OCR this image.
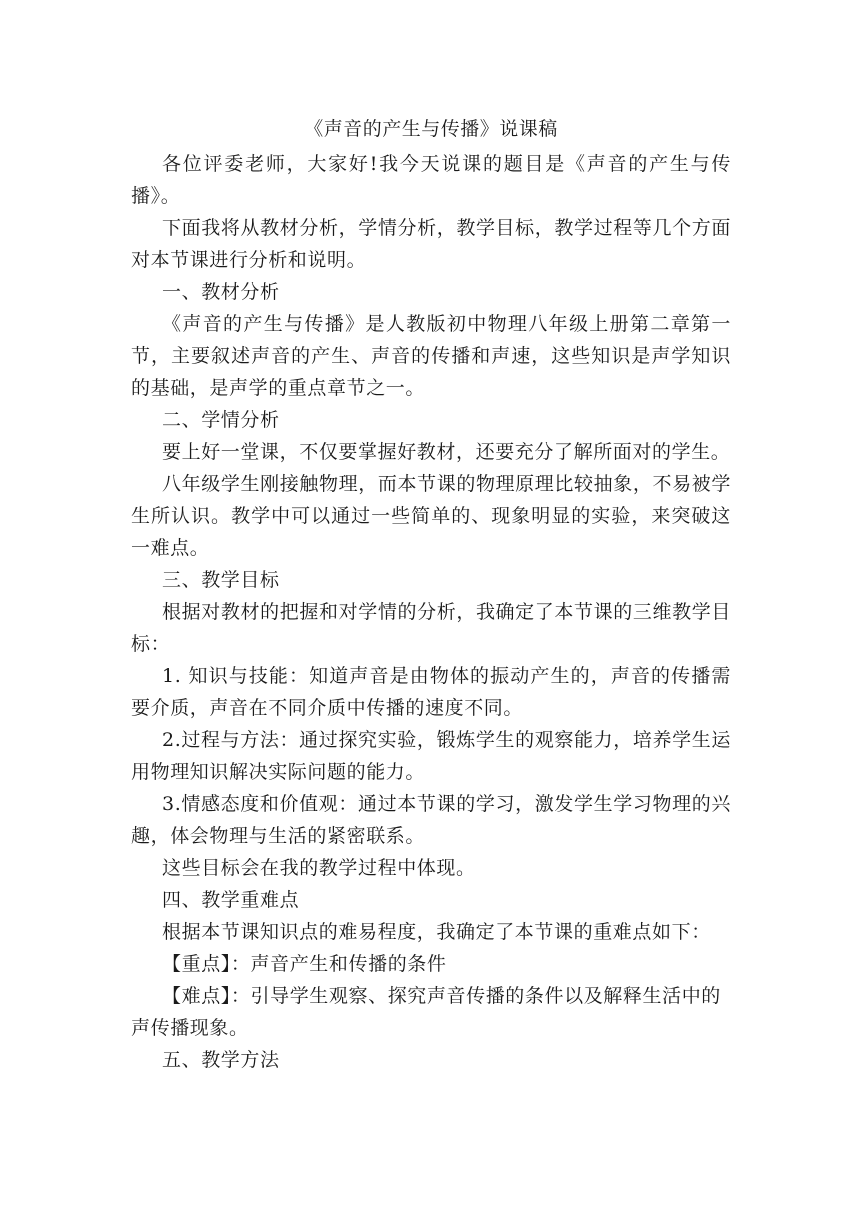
《声音的产生与传播》说课稿

各位评委老师，大家好!我今天说课的题目是《声音的产生与传播》。

下面我将从教材分析，学情分析，教学目标，教学过程等几个方面对本节课进行分析和说明。

一、教材分析

《声音的产生与传播》是人教版初中物理八年级上册第二章第一节，主要叙述声音的产生、声音的传播和声速，这些知识是声学知识的基础，是声学的重点章节之一。

二、学情分析

要上好一堂课，不仅要掌握好教材，还要充分了解所面对的学生。

八年级学生刚接触物理，而本节课的物理原理比较抽象，不易被学生所认识。教学中可以通过一些简单的、现象明显的实验，来突破这一难点。

三、教学目标

根据对教材的把握和对学情的分析，我确定了本节课的三维教学目标：

1. 知识与技能：知道声音是由物体的振动产生的，声音的传播需要介质，声音在不同介质中传播的速度不同。

2.过程与方法：通过探究实验，锻炼学生的观察能力，培养学生运用物理知识解决实际问题的能力。

3.情感态度和价值观：通过本节课的学习，激发学生学习物理的兴趣，体会物理与生活的紧密联系。

这些目标会在我的教学过程中体现。

四、教学重难点

根据本节课知识点的难易程度，我确定了本节课的重难点如下：

【重点】：声音产生和传播的条件

【难点】：引导学生观察、探究声音传播的条件以及解释生活中的声传播现象。

五、教学方法
